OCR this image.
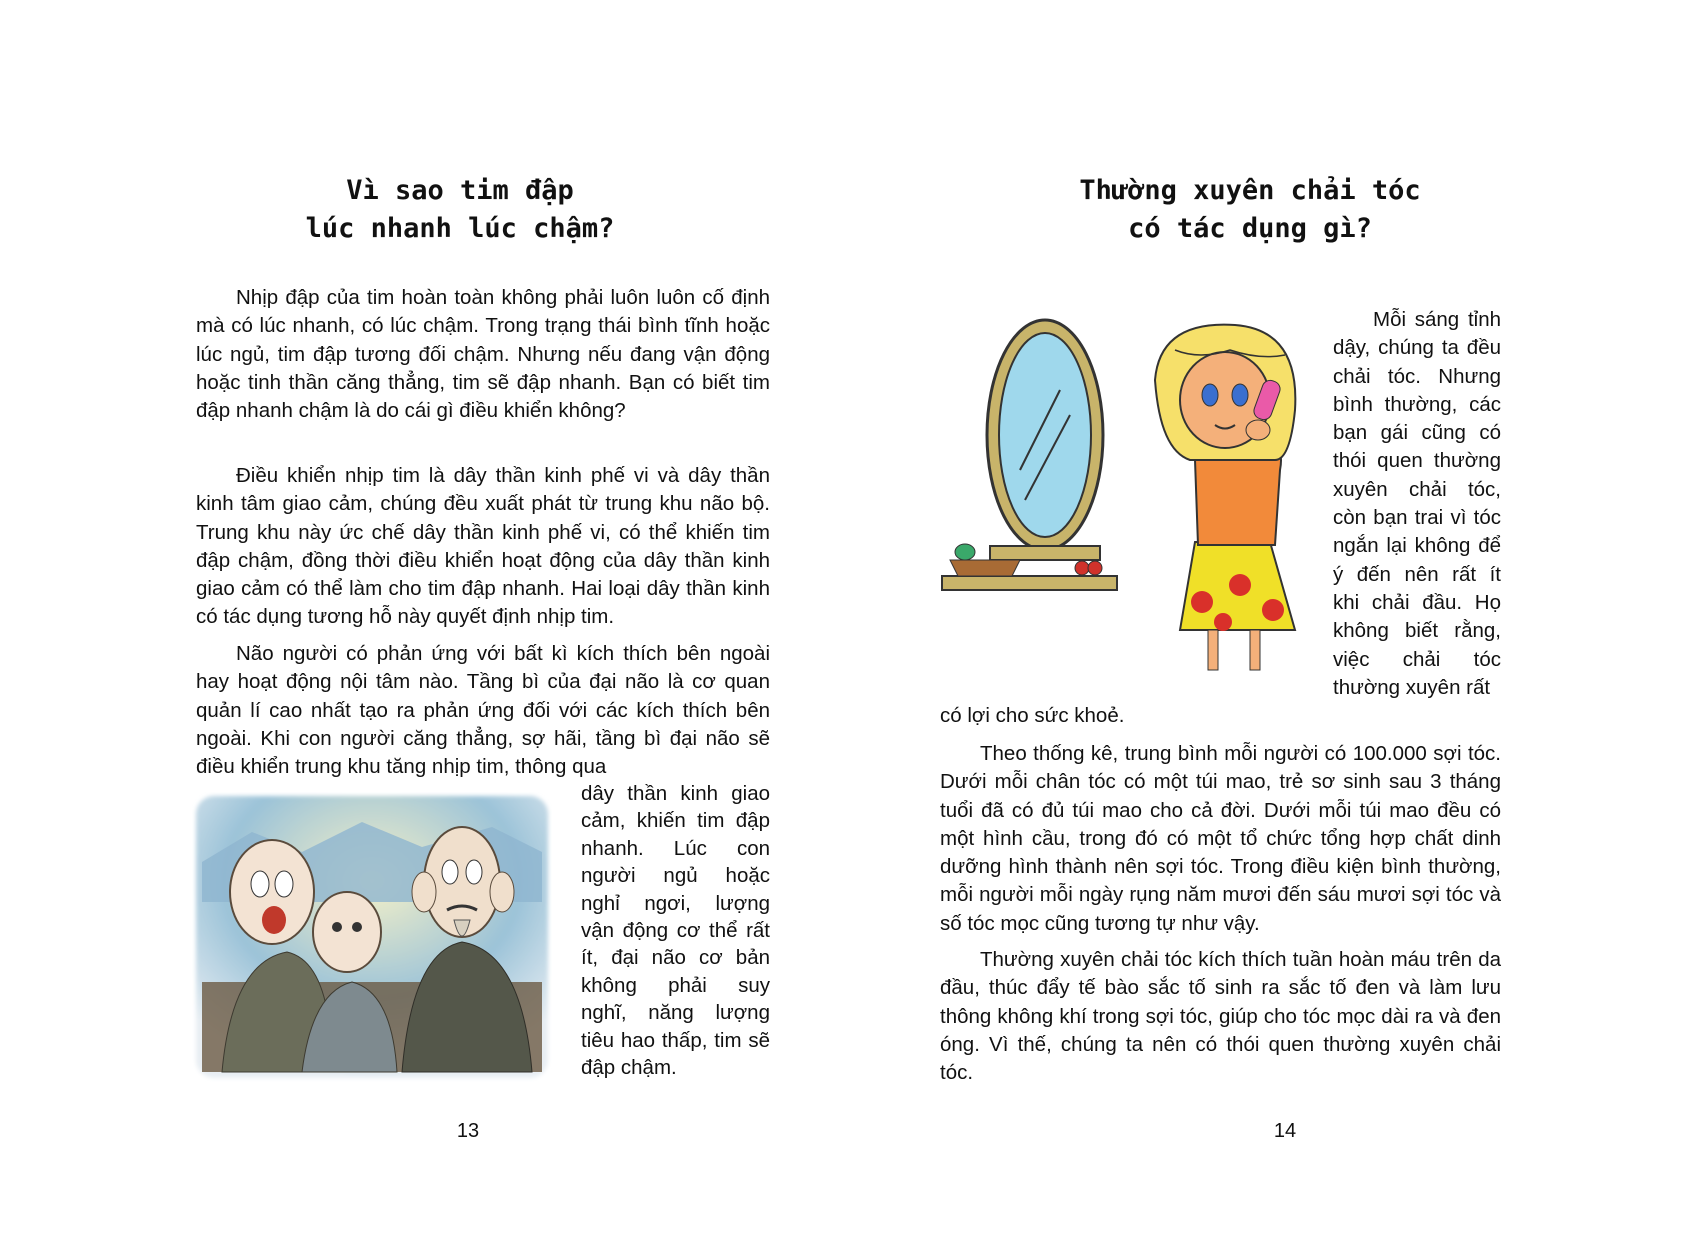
Vì sao tim đập
lúc nhanh lúc chậm?

Nhịp đập của tim hoàn toàn không phải luôn luôn cố định mà có lúc nhanh, có lúc chậm. Trong trạng thái bình tĩnh hoặc lúc ngủ, tim đập tương đối chậm. Nhưng nếu đang vận động hoặc tinh thần căng thẳng, tim sẽ đập nhanh. Bạn có biết tim đập nhanh chậm là do cái gì điều khiển không?

Điều khiển nhịp tim là dây thần kinh phế vi và dây thần kinh tâm giao cảm, chúng đều xuất phát từ trung khu não bộ. Trung khu này ức chế dây thần kinh phế vi, có thể khiến tim đập chậm, đồng thời điều khiển hoạt động của dây thần kinh giao cảm có thể làm cho tim đập nhanh. Hai loại dây thần kinh có tác dụng tương hỗ này quyết định nhịp tim.

Não người có phản ứng với bất kì kích thích bên ngoài hay hoạt động nội tâm nào. Tầng bì của đại não là cơ quan quản lí cao nhất tạo ra phản ứng đối với các kích thích bên ngoài. Khi con người căng thẳng, sợ hãi, tầng bì đại não sẽ điều khiển trung khu tăng nhịp tim, thông qua

dây thần kinh giao cảm, khiến tim đập nhanh. Lúc con người ngủ hoặc nghỉ ngơi, lượng vận động cơ thể rất ít, đại não cơ bản không phải suy nghĩ, năng lượng tiêu hao thấp, tim sẽ đập chậm.

13

Thường xuyên chải tóc
có tác dụng gì?

Mỗi sáng tỉnh dậy, chúng ta đều chải tóc. Nhưng bình thường, các bạn gái cũng có thói quen thường xuyên chải tóc, còn bạn trai vì tóc ngắn lại không để ý đến nên rất ít khi chải đầu. Họ không biết rằng, việc chải tóc thường xuyên rất

có lợi cho sức khoẻ.

Theo thống kê, trung bình mỗi người có 100.000 sợi tóc. Dưới mỗi chân tóc có một túi mao, trẻ sơ sinh sau 3 tháng tuổi đã có đủ túi mao cho cả đời. Dưới mỗi túi mao đều có một hình cầu, trong đó có một tổ chức tổng hợp chất dinh dưỡng hình thành nên sợi tóc. Trong điều kiện bình thường, mỗi người mỗi ngày rụng năm mươi đến sáu mươi sợi tóc và số tóc mọc cũng tương tự như vậy.

Thường xuyên chải tóc kích thích tuần hoàn máu trên da đầu, thúc đẩy tế bào sắc tố sinh ra sắc tố đen và làm lưu thông không khí trong sợi tóc, giúp cho tóc mọc dài ra và đen óng. Vì thế, chúng ta nên có thói quen thường xuyên chải tóc.

14
